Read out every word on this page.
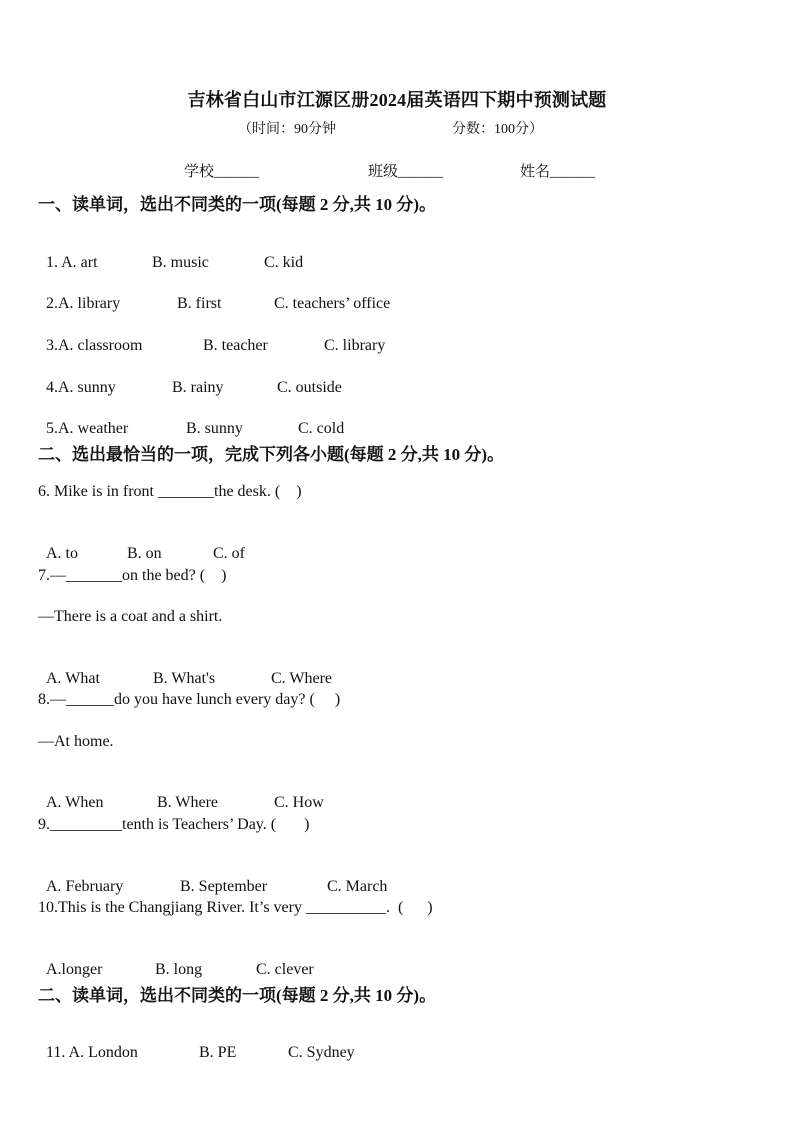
吉林省白山市江源区册2024届英语四下期中预测试题
（时间：90分钟	分数：100分）
学校______	班级______	姓名______
一、读单词，选出不同类的一项(每题 2 分,共 10 分)。

1. A. art	B. music	C. kid

2.A. library	B. first	C. teachers’ office

3.A. classroom	B. teacher	C. library

4.A. sunny	B. rainy	C. outside

5.A. weather	B. sunny	C. cold

二、选出最恰当的一项，完成下列各小题(每题 2 分,共 10 分)。
6. Mike is in front _______the desk. (    )

A. to	B. on	C. of

7.—_______on the bed? (    )
—There is a coat and a shirt.

A. What	B. What's	C. Where

8.—______do you have lunch every day? (     )
—At home.

A. When	B. Where	C. How

9._________tenth is Teachers’ Day. (       )

A. February	B. September	C. March

10.This is the Changjiang River. It’s very __________.  (      )

A.longer	B. long	C. clever

二、读单词，选出不同类的一项(每题 2 分,共 10 分)。

11. A. London	B. PE	C. Sydney
